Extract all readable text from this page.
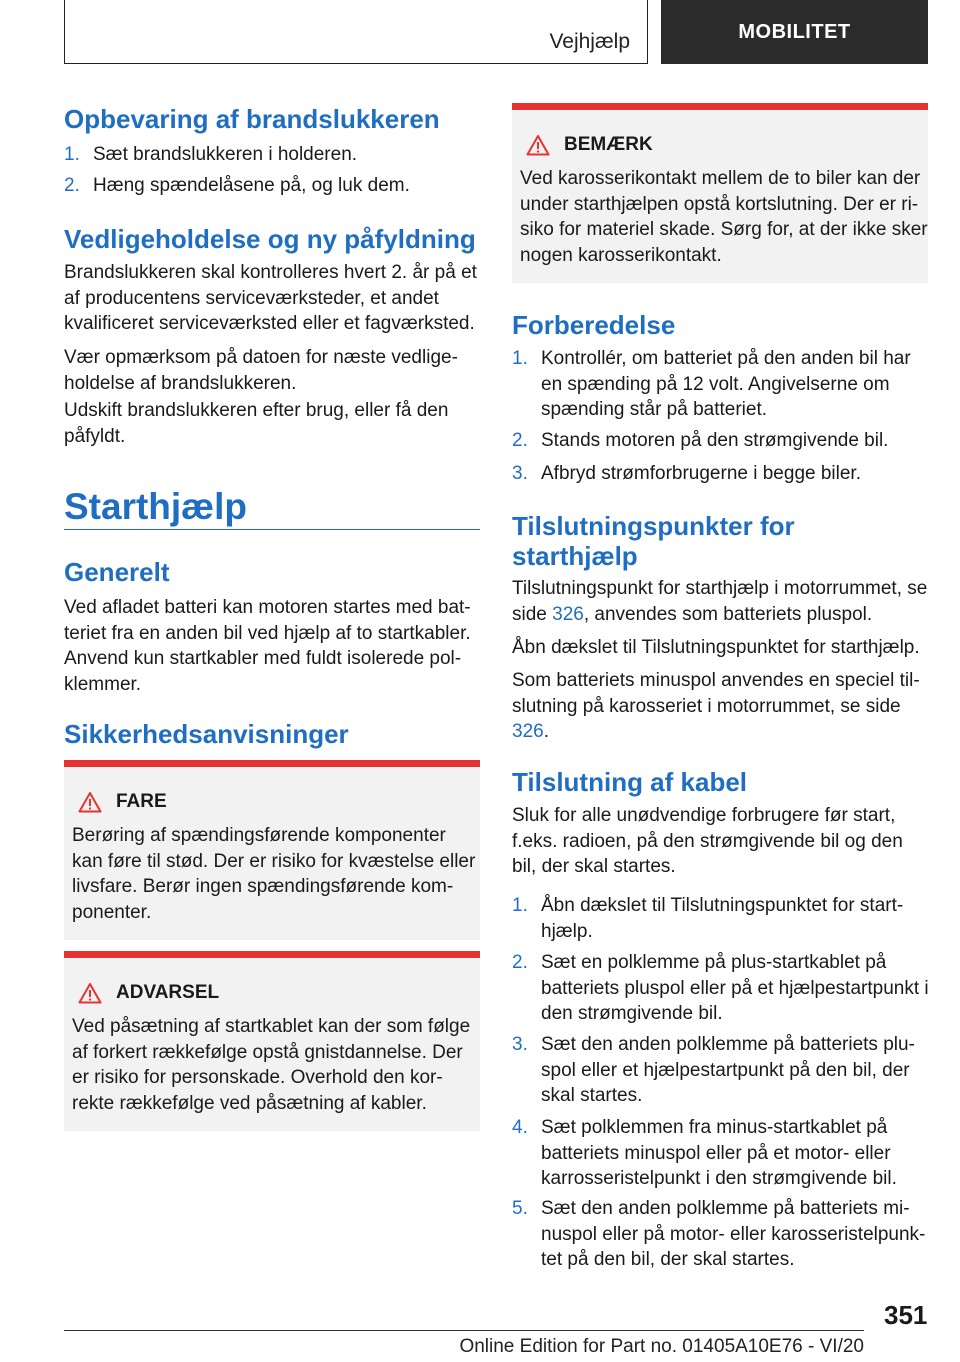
Vejhjælp	MOBILITET
Opbevaring af brandslukkeren
1. Sæt brandslukkeren i holderen.
2. Hæng spændelåsene på, og luk dem.
Vedligeholdelse og ny påfyldning

Brandslukkeren skal kontrolleres hvert 2. år på et af producentens serviceværksteder, et andet kvalificeret serviceværksted eller et fagværksted.

Vær opmærksom på datoen for næste vedlige-holdelse af brandslukkeren.

Udskift brandslukkeren efter brug, eller få den påfyldt.

Starthjælp
Generelt

Ved afladet batteri kan motoren startes med bat-teriet fra en anden bil ved hjælp af to startkabler. Anvend kun startkabler med fuldt isolerede pol-klemmer.

Sikkerhedsanvisninger
FARE
Berøring af spændingsførende komponenter kan føre til stød. Der er risiko for kvæstelse eller livsfare. Berør ingen spændingsførende kom-ponenter.
ADVARSEL
Ved påsætning af startkablet kan der som følge af forkert rækkefølge opstå gnistdannelse. Der er risiko for personskade. Overhold den kor-rekte rækkefølge ved påsætning af kabler.
BEMÆRK
Ved karosserikontakt mellem de to biler kan der under starthjælpen opstå kortslutning. Der er ri-siko for materiel skade. Sørg for, at der ikke sker nogen karosserikontakt.
Forberedelse
1. Kontrollér, om batteriet på den anden bil har en spænding på 12 volt. Angivelserne om spænding står på batteriet.
2. Stands motoren på den strømgivende bil.
3. Afbryd strømforbrugerne i begge biler.
Tilslutningspunkter for starthjælp

Tilslutningspunkt for starthjælp i motorrummet, se side 326, anvendes som batteriets pluspol.

Åbn dækslet til Tilslutningspunktet for starthjælp.

Som batteriets minuspol anvendes en speciel til-slutning på karosseriet i motorrummet, se side 326.

Tilslutning af kabel

Sluk for alle unødvendige forbrugere før start, f.eks. radioen, på den strømgivende bil og den bil, der skal startes.

1. Åbn dækslet til Tilslutningspunktet for start-hjælp.
2. Sæt en polklemme på plus-startkablet på batteriets pluspol eller på et hjælpestartpunkt i den strømgivende bil.
3. Sæt den anden polklemme på batteriets plu-spol eller et hjælpestartpunkt på den bil, der skal startes.
4. Sæt polklemmen fra minus-startkablet på batteriets minuspol eller på et motor- eller karrosseristelpunkt i den strømgivende bil.
5. Sæt den anden polklemme på batteriets mi-nuspol eller på motor- eller karosseristelpunk-tet på den bil, der skal startes.
351
Online Edition for Part no. 01405A10E76 - VI/20
